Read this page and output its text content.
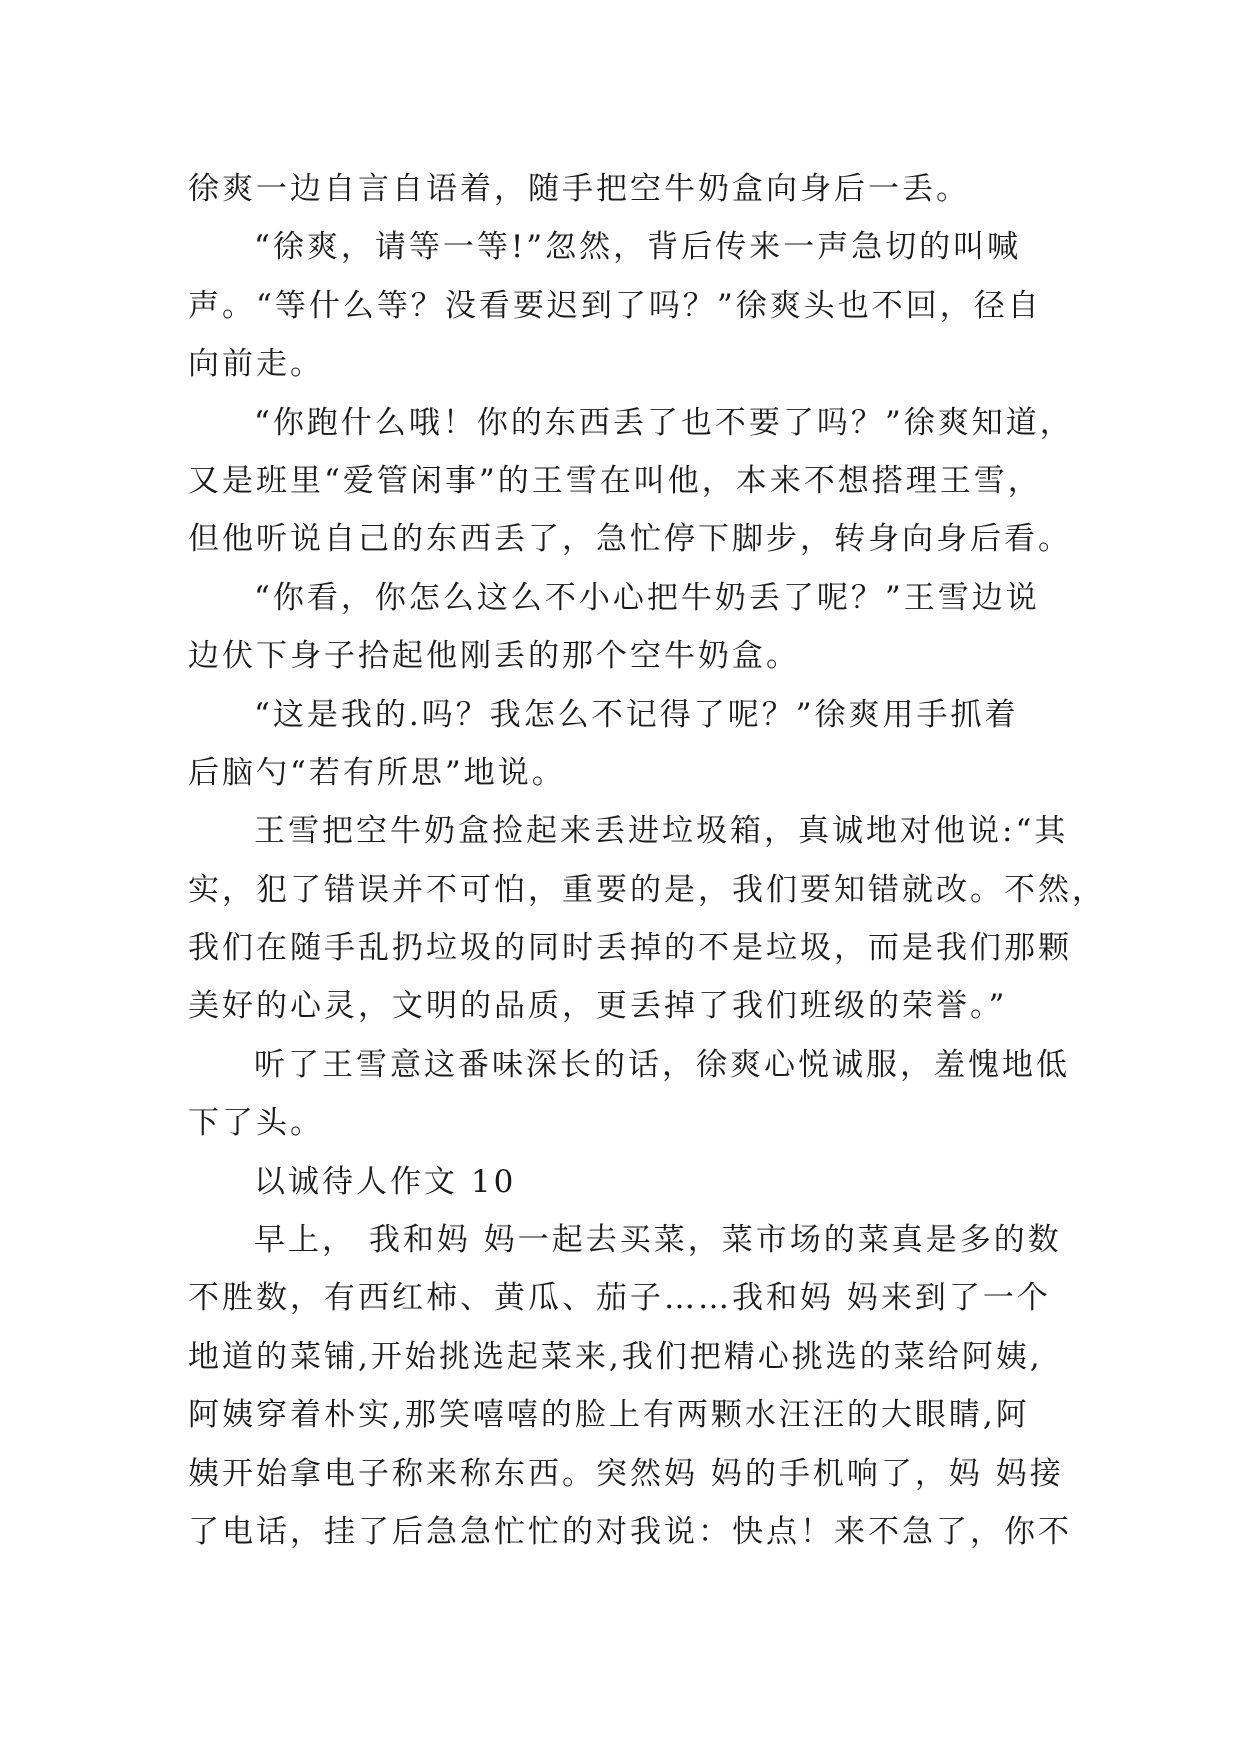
徐爽一边自言自语着，随手把空牛奶盒向身后一丢。
“徐爽，请等一等!”忽然，背后传来一声急切的叫喊
声。“等什么等？没看要迟到了吗？”徐爽头也不回，径自
向前走。
“你跑什么哦！你的东西丢了也不要了吗？”徐爽知道，
又是班里“爱管闲事”的王雪在叫他，本来不想搭理王雪，
但他听说自己的东西丢了，急忙停下脚步，转身向身后看。
“你看，你怎么这么不小心把牛奶丢了呢？”王雪边说
边伏下身子拾起他刚丢的那个空牛奶盒。
“这是我的.吗？我怎么不记得了呢？”徐爽用手抓着
后脑勺“若有所思”地说。
王雪把空牛奶盒捡起来丢进垃圾箱，真诚地对他说:“其
实，犯了错误并不可怕，重要的是，我们要知错就改。不然，
我们在随手乱扔垃圾的同时丢掉的不是垃圾，而是我们那颗
美好的心灵，文明的品质，更丢掉了我们班级的荣誉。”
听了王雪意这番味深长的话，徐爽心悦诚服，羞愧地低
下了头。
以诚待人作文 10
早上， 我和妈 妈一起去买菜，菜市场的菜真是多的数
不胜数，有西红柿、黄瓜、茄子……我和妈 妈来到了一个
地道的菜铺,开始挑选起菜来,我们把精心挑选的菜给阿姨,
阿姨穿着朴实,那笑嘻嘻的脸上有两颗水汪汪的大眼睛,阿
姨开始拿电子称来称东西。突然妈 妈的手机响了，妈 妈接
了电话，挂了后急急忙忙的对我说：快点！来不急了，你不
